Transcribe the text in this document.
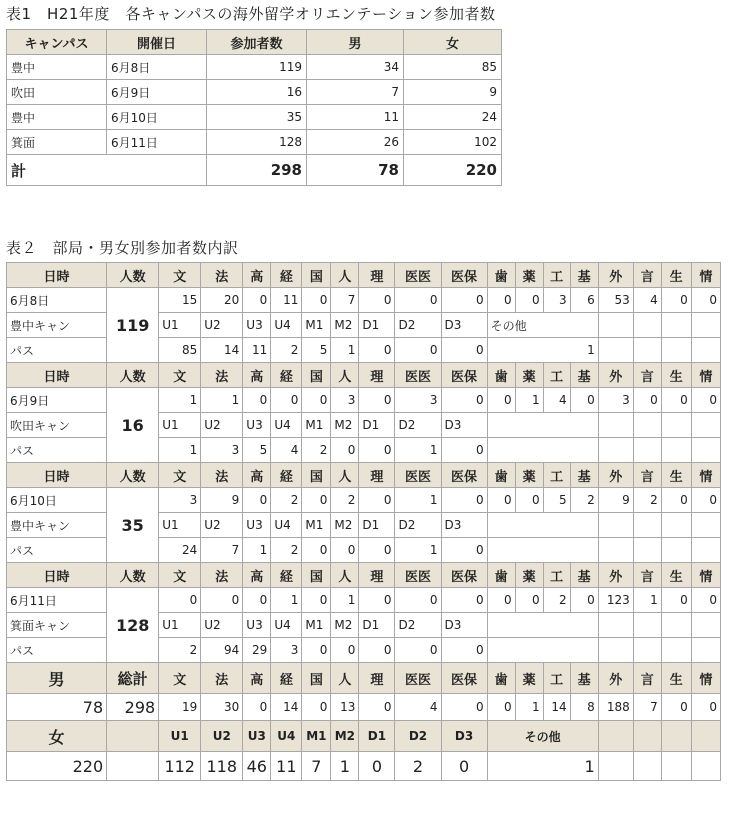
表1　H21年度　各キャンパスの海外留学オリエンテーション参加者数
キャンパス	開催日	参加者数	男	女
豊中	6月8日	119	34	85
吹田	6月9日	16	7	9
豊中	6月10日	35	11	24
箕面	6月11日	128	26	102
計		298	78	220
表２　部局・男女別参加者数内訳
日時	人数	文	法	高	経	国	人	理	医医	医保	歯	薬	工	基	外	言	生	情
6月8日	119	15	20	0	11	0	7	0	0	0	0	0	3	6	53	4	0	0
豊中キャン		U1	U2	U3	U4	M1	M2	D1	D2	D3	その他							
パス		85	14	11	2	5	1	0	0	0	1							
日時	人数	文	法	高	経	国	人	理	医医	医保	歯	薬	工	基	外	言	生	情
6月9日	16	1	1	0	0	0	3	0	3	0	0	1	4	0	3	0	0	0
吹田キャン		U1	U2	U3	U4	M1	M2	D1	D2	D3								
パス		1	3	5	4	2	0	0	1	0								
日時	人数	文	法	高	経	国	人	理	医医	医保	歯	薬	工	基	外	言	生	情
6月10日	35	3	9	0	2	0	2	0	1	0	0	0	5	2	9	2	0	0
豊中キャン		U1	U2	U3	U4	M1	M2	D1	D2	D3								
パス		24	7	1	2	0	0	0	1	0								
日時	人数	文	法	高	経	国	人	理	医医	医保	歯	薬	工	基	外	言	生	情
6月11日	128	0	0	0	1	0	1	0	0	0	0	0	2	0	123	1	0	0
箕面キャン		U1	U2	U3	U4	M1	M2	D1	D2	D3								
パス		2	94	29	3	0	0	0	0	0								
男	総計	文	法	高	経	国	人	理	医医	医保	歯	薬	工	基	外	言	生	情
78	298	19	30	0	14	0	13	0	4	0	0	1	14	8	188	7	0	0
女		U1	U2	U3	U4	M1	M2	D1	D2	D3	その他							
220		112	118	46	11	7	1	0	2	0	1							
